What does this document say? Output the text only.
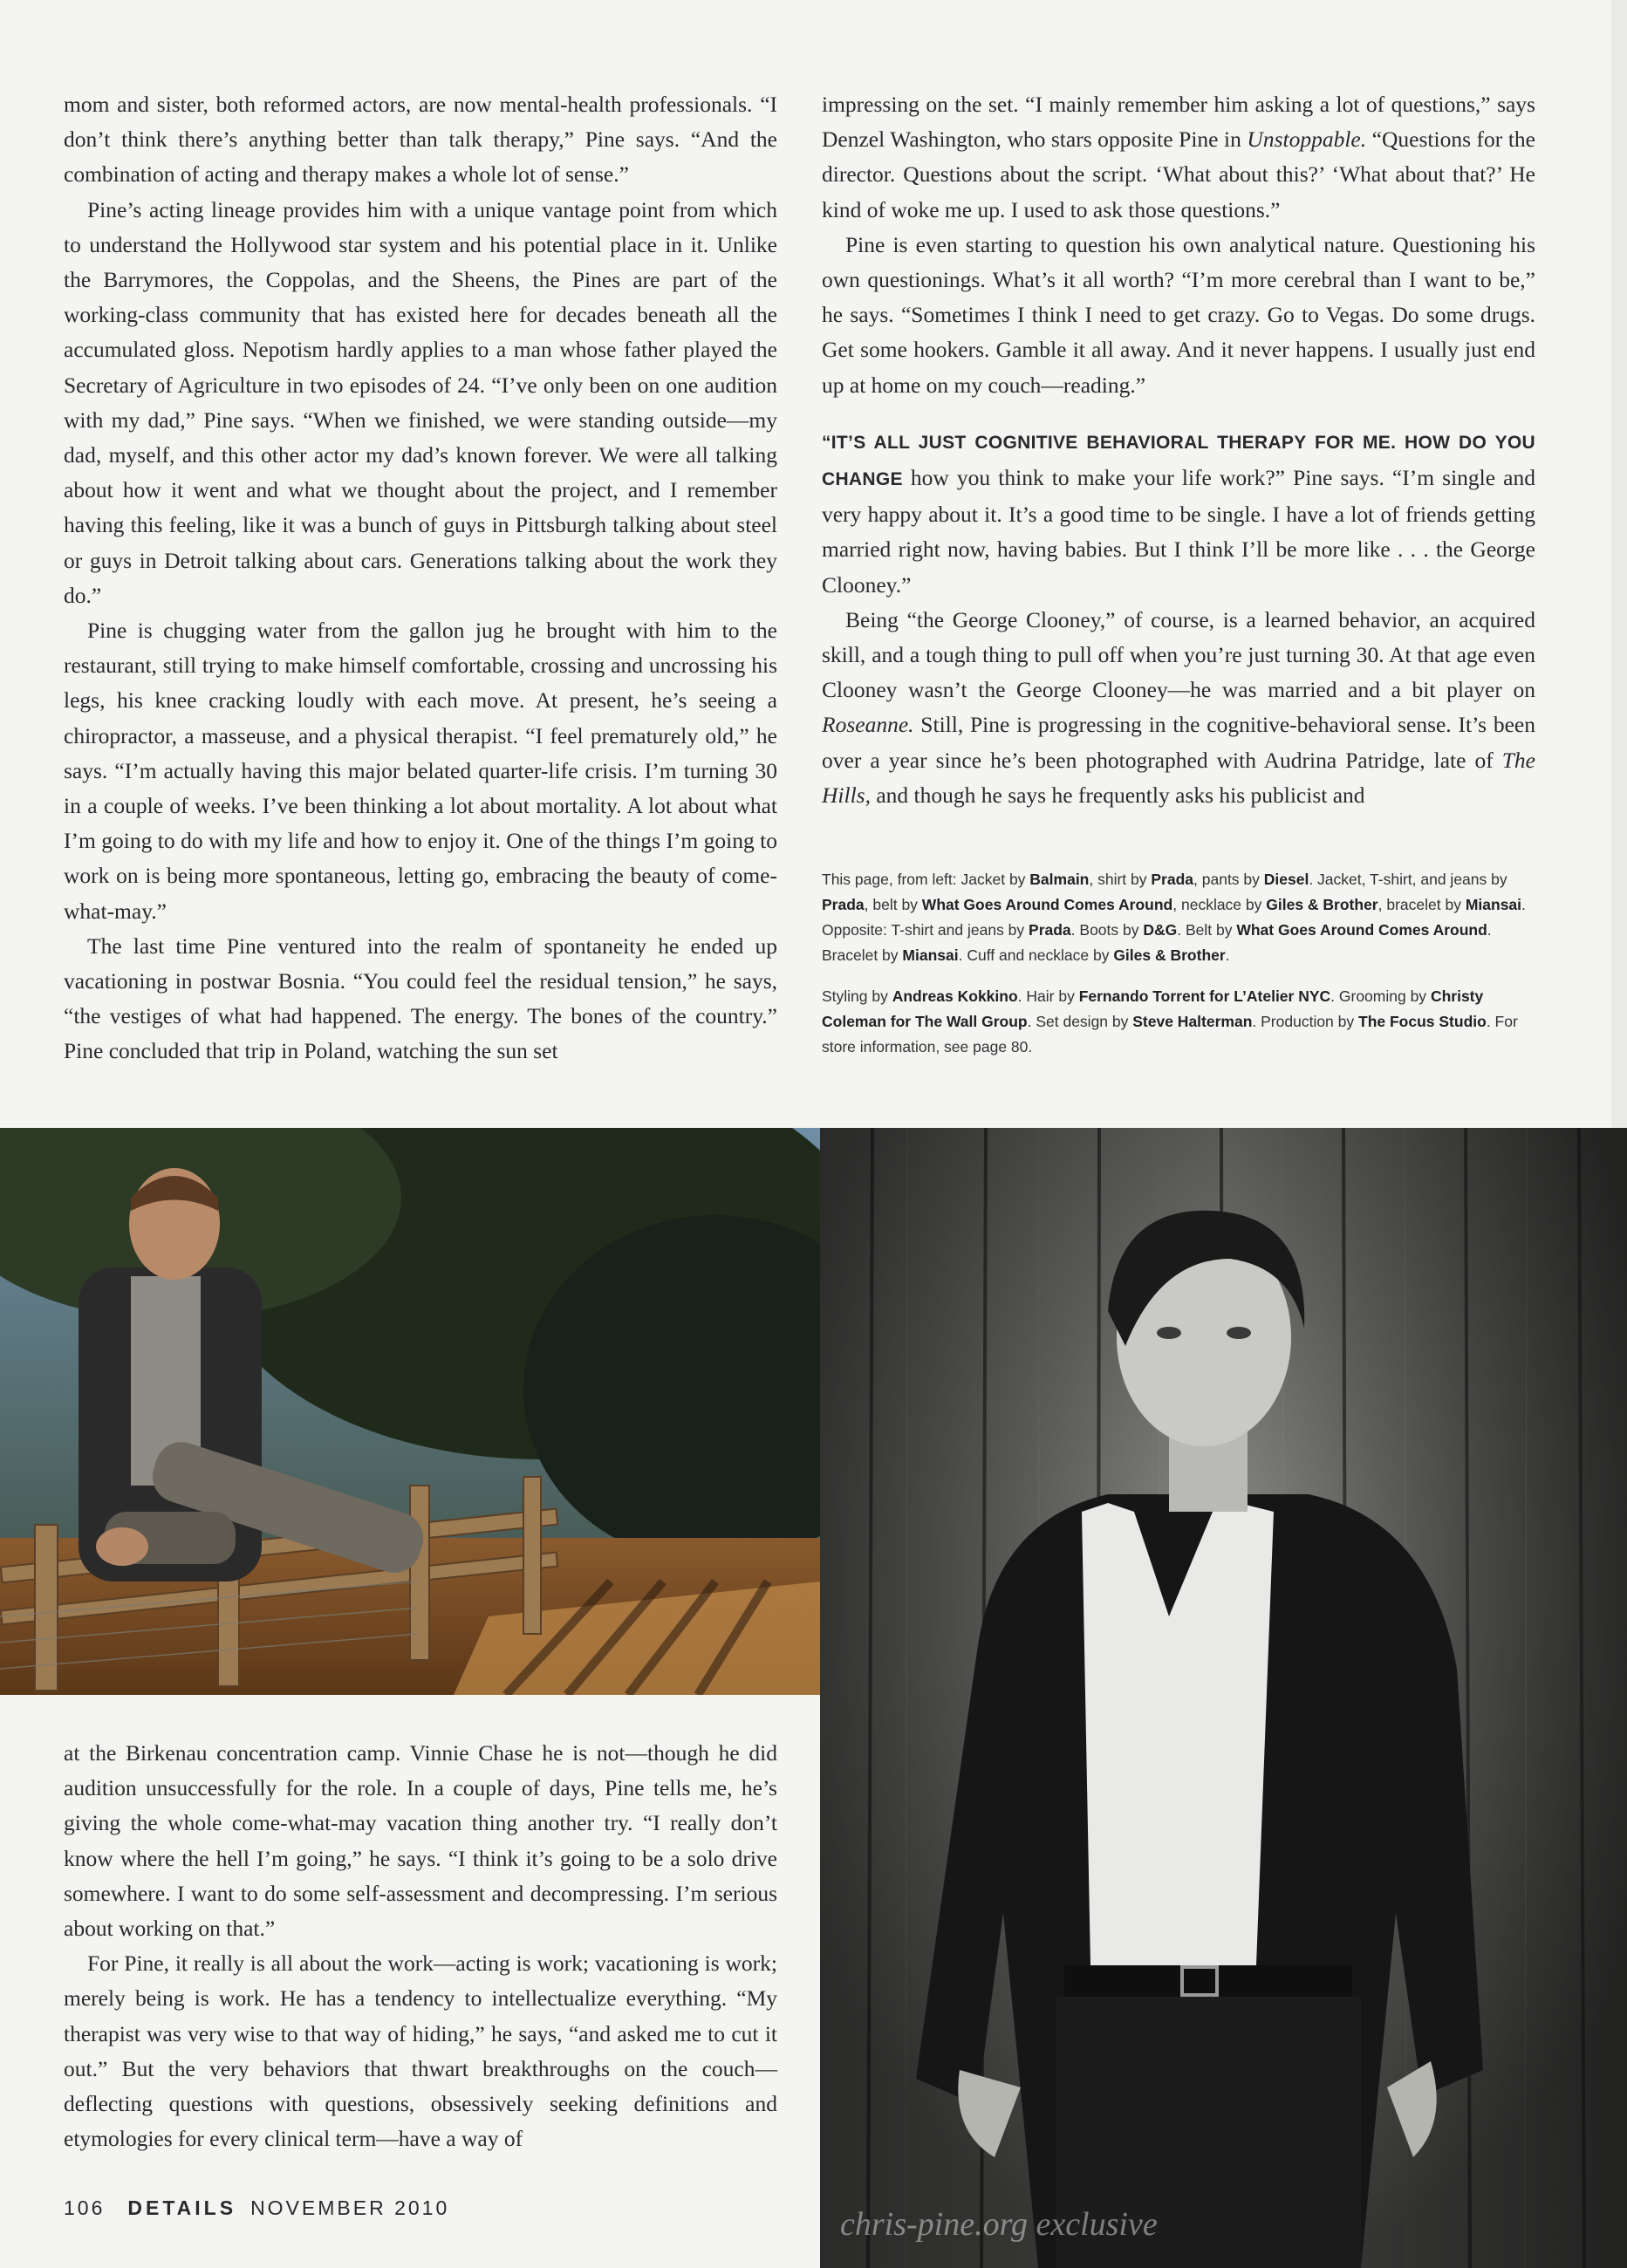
mom and sister, both reformed actors, are now mental-health professionals. “I don’t think there’s anything better than talk therapy,” Pine says. “And the combination of acting and therapy makes a whole lot of sense.”

Pine’s acting lineage provides him with a unique vantage point from which to understand the Hollywood star system and his potential place in it. Unlike the Barrymores, the Coppolas, and the Sheens, the Pines are part of the working-class community that has existed here for decades beneath all the accumulated gloss. Nepotism hardly applies to a man whose father played the Secretary of Agriculture in two episodes of 24. “I’ve only been on one audition with my dad,” Pine says. “When we finished, we were standing outside—my dad, myself, and this other actor my dad’s known forever. We were all talking about how it went and what we thought about the project, and I remember having this feeling, like it was a bunch of guys in Pittsburgh talking about steel or guys in Detroit talking about cars. Generations talking about the work they do.”

Pine is chugging water from the gallon jug he brought with him to the restaurant, still trying to make himself comfortable, crossing and uncrossing his legs, his knee cracking loudly with each move. At present, he’s seeing a chiropractor, a masseuse, and a physical therapist. “I feel prematurely old,” he says. “I’m actually having this major belated quarter-life crisis. I’m turning 30 in a couple of weeks. I’ve been thinking a lot about mortality. A lot about what I’m going to do with my life and how to enjoy it. One of the things I’m going to work on is being more spontaneous, letting go, embracing the beauty of come-what-may.”

The last time Pine ventured into the realm of spontaneity he ended up vacationing in postwar Bosnia. “You could feel the residual tension,” he says, “the vestiges of what had happened. The energy. The bones of the country.” Pine concluded that trip in Poland, watching the sun set

impressing on the set. “I mainly remember him asking a lot of questions,” says Denzel Washington, who stars opposite Pine in Unstoppable. “Questions for the director. Questions about the script. ‘What about this?’ ‘What about that?’ He kind of woke me up. I used to ask those questions.”

Pine is even starting to question his own analytical nature. Questioning his own questionings. What’s it all worth? “I’m more cerebral than I want to be,” he says. “Sometimes I think I need to get crazy. Go to Vegas. Do some drugs. Get some hookers. Gamble it all away. And it never happens. I usually just end up at home on my couch—reading.”

“IT’S ALL JUST COGNITIVE BEHAVIORAL THERAPY FOR ME. HOW DO YOU CHANGE how you think to make your life work?” Pine says. “I’m single and very happy about it. It’s a good time to be single. I have a lot of friends getting married right now, having babies. But I think I’ll be more like . . . the George Clooney.”

Being “the George Clooney,” of course, is a learned behavior, an acquired skill, and a tough thing to pull off when you’re just turning 30. At that age even Clooney wasn’t the George Clooney—he was married and a bit player on Roseanne. Still, Pine is progressing in the cognitive-behavioral sense. It’s been over a year since he’s been photographed with Audrina Patridge, late of The Hills, and though he says he frequently asks his publicist and

This page, from left: Jacket by Balmain, shirt by Prada, pants by Diesel. Jacket, T-shirt, and jeans by Prada, belt by What Goes Around Comes Around, necklace by Giles & Brother, bracelet by Miansai. Opposite: T-shirt and jeans by Prada. Boots by D&G. Belt by What Goes Around Comes Around. Bracelet by Miansai. Cuff and necklace by Giles & Brother.

Styling by Andreas Kokkino. Hair by Fernando Torrent for L’Atelier NYC. Grooming by Christy Coleman for The Wall Group. Set design by Steve Halterman. Production by The Focus Studio. For store information, see page 80.

chris-pine.org exclusive

at the Birkenau concentration camp. Vinnie Chase he is not—though he did audition unsuccessfully for the role. In a couple of days, Pine tells me, he’s giving the whole come-what-may vacation thing another try. “I really don’t know where the hell I’m going,” he says. “I think it’s going to be a solo drive somewhere. I want to do some self-assessment and decompressing. I’m serious about working on that.”

For Pine, it really is all about the work—acting is work; vacationing is work; merely being is work. He has a tendency to intellectualize everything. “My therapist was very wise to that way of hiding,” he says, “and asked me to cut it out.” But the very behaviors that thwart breakthroughs on the couch—deflecting questions with questions, obsessively seeking definitions and etymologies for every clinical term—have a way of

106 DETAILS NOVEMBER 2010
